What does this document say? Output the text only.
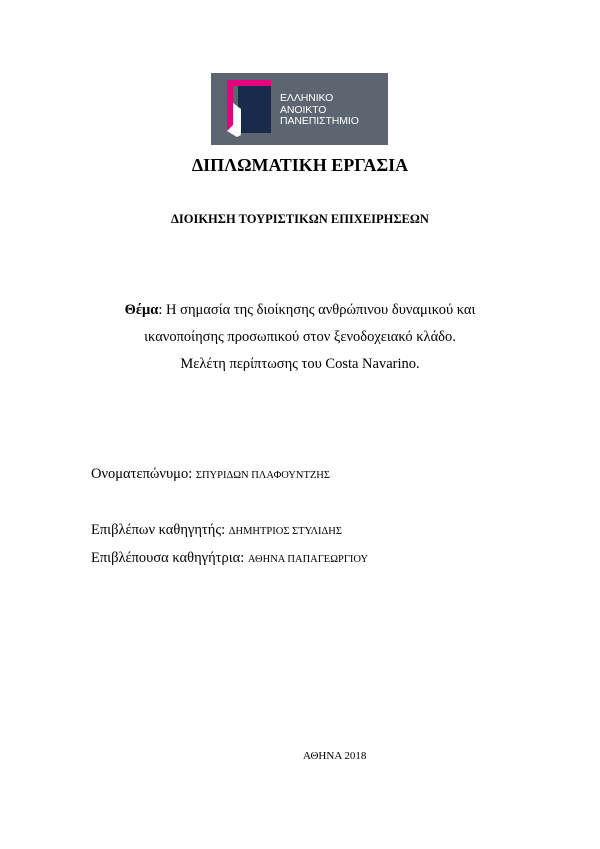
ΕΛΛΗΝΙΚΟ
ΑΝΟΙΚΤΟ
ΠΑΝΕΠΙΣΤΗΜΙΟ
ΔΙΠΛΩΜΑΤΙΚΗ ΕΡΓΑΣΙΑ
ΔΙΟΙΚΗΣΗ ΤΟΥΡΙΣΤΙΚΩΝ ΕΠΙΧΕΙΡΗΣΕΩΝ
Θέμα: Η σημασία της διοίκησης ανθρώπινου δυναμικού και
ικανοποίησης προσωπικού στον ξενοδοχειακό κλάδο.
Μελέτη περίπτωσης του Costa Navarino.
Ονοματεπώνυμο: ΣΠΥΡΙΔΩΝ ΠΛΑΦΟΥΝΤΖΗΣ
Επιβλέπων καθηγητής: ΔΗΜΗΤΡΙΟΣ ΣΤΥΛΙΔΗΣ
Επιβλέπουσα καθηγήτρια: ΑΘΗΝΑ ΠΑΠΑΓΕΩΡΓΙΟΥ
ΑΘΗΝΑ 2018
